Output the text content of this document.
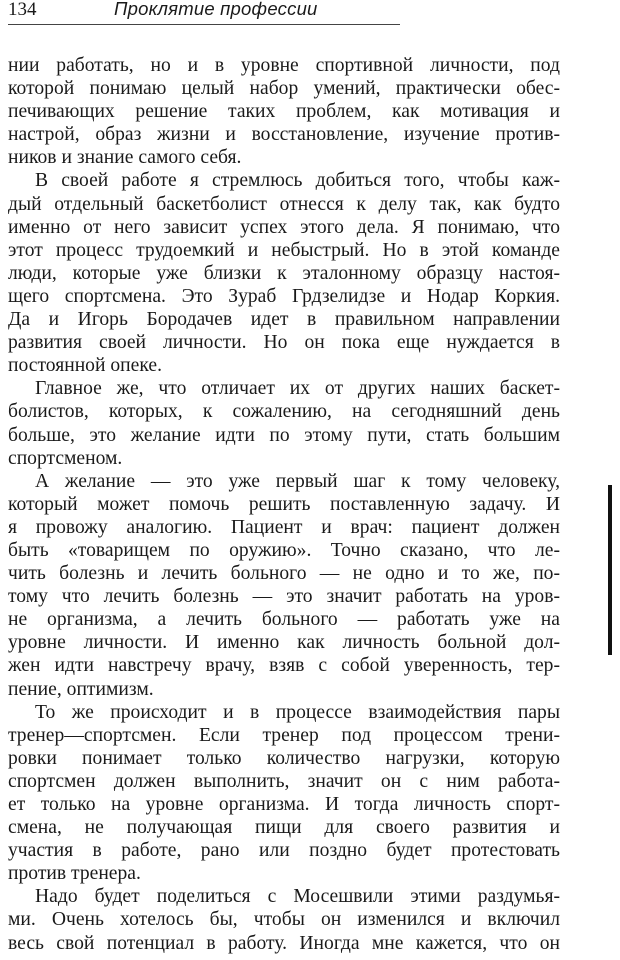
134	Проклятие профессии
нии работать, но и в уровне спортивной личности, под
которой понимаю целый набор умений, практически обес-
печивающих решение таких проблем, как мотивация и
настрой, образ жизни и восстановление, изучение против-
ников и знание самого себя.
В своей работе я стремлюсь добиться того, чтобы каж-
дый отдельный баскетболист отнесся к делу так, как будто
именно от него зависит успех этого дела. Я понимаю, что
этот процесс трудоемкий и небыстрый. Но в этой команде
люди, которые уже близки к эталонному образцу настоя-
щего спортсмена. Это Зураб Грдзелидзе и Нодар Коркия.
Да и Игорь Бородачев идет в правильном направлении
развития своей личности. Но он пока еще нуждается в
постоянной опеке.
Главное же, что отличает их от других наших баскет-
болистов, которых, к сожалению, на сегодняшний день
больше, это желание идти по этому пути, стать большим
спортсменом.
А желание — это уже первый шаг к тому человеку,
который может помочь решить поставленную задачу. И
я провожу аналогию. Пациент и врач: пациент должен
быть «товарищем по оружию». Точно сказано, что ле-
чить болезнь и лечить больного — не одно и то же, по-
тому что лечить болезнь — это значит работать на уров-
не организма, а лечить больного — работать уже на
уровне личности. И именно как личность больной дол-
жен идти навстречу врачу, взяв с собой уверенность, тер-
пение, оптимизм.
То же происходит и в процессе взаимодействия пары
тренер—спортсмен. Если тренер под процессом трени-
ровки понимает только количество нагрузки, которую
спортсмен должен выполнить, значит он с ним работа-
ет только на уровне организма. И тогда личность спорт-
смена, не получающая пищи для своего развития и
участия в работе, рано или поздно будет протестовать
против тренера.
Надо будет поделиться с Мосешвили этими раздумья-
ми. Очень хотелось бы, чтобы он изменился и включил
весь свой потенциал в работу. Иногда мне кажется, что он
